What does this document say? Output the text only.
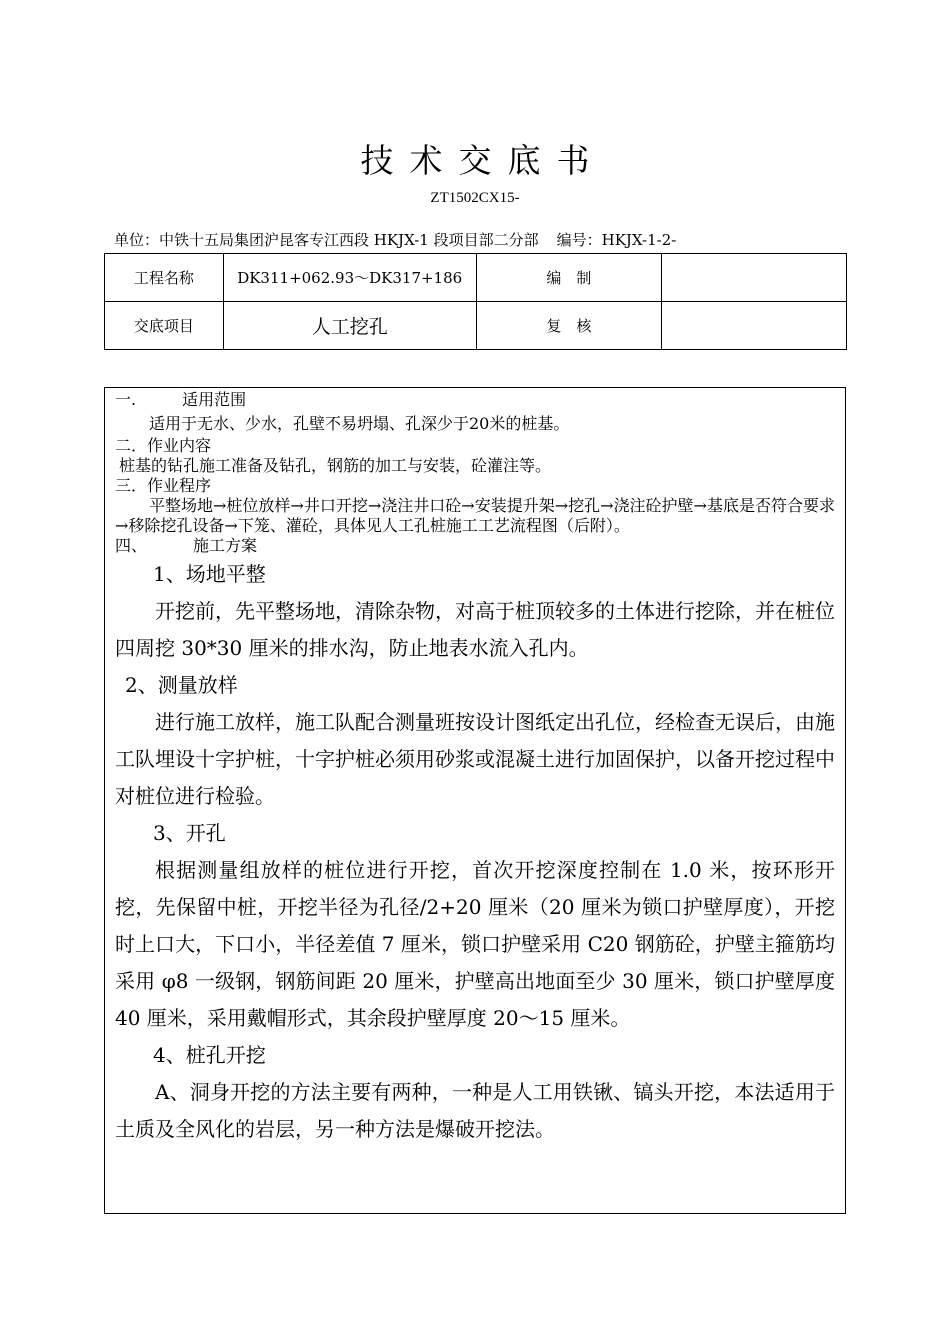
技术交底书
ZT1502CX15-
单位：中铁十五局集团沪昆客专江西段 HKJX-1 段项目部二分部 编号：HKJX-1-2-
工程名称	DK311+062.93～DK317+186	编　制	
交底项目	人工挖孔	复　核	

一.	适用范围

适用于无水、少水，孔壁不易坍塌、孔深少于20米的桩基。

二．作业内容

桩基的钻孔施工准备及钻孔，钢筋的加工与安装，砼灌注等。

三．作业程序

平整场地→桩位放样→井口开挖→浇注井口砼→安装提升架→挖孔→浇注砼护壁→基底是否符合要求→移除挖孔设备→下笼、灌砼，具体见人工孔桩施工工艺流程图（后附）。

四、	施工方案

1、场地平整

开挖前，先平整场地，清除杂物，对高于桩顶较多的土体进行挖除，并在桩位四周挖 30*30 厘米的排水沟，防止地表水流入孔内。

2、测量放样

进行施工放样，施工队配合测量班按设计图纸定出孔位，经检查无误后，由施工队埋设十字护桩，十字护桩必须用砂浆或混凝土进行加固保护，以备开挖过程中对桩位进行检验。

3、开孔

根据测量组放样的桩位进行开挖，首次开挖深度控制在 1.0 米，按环形开挖，先保留中桩，开挖半径为孔径/2+20 厘米（20 厘米为锁口护壁厚度），开挖时上口大，下口小，半径差值 7 厘米，锁口护壁采用 C20 钢筋砼，护壁主箍筋均采用 φ8 一级钢，钢筋间距 20 厘米，护壁高出地面至少 30 厘米，锁口护壁厚度 40 厘米，采用戴帽形式，其余段护壁厚度 20～15 厘米。

4、桩孔开挖

A、洞身开挖的方法主要有两种，一种是人工用铁锹、镐头开挖，本法适用于土质及全风化的岩层，另一种方法是爆破开挖法。
